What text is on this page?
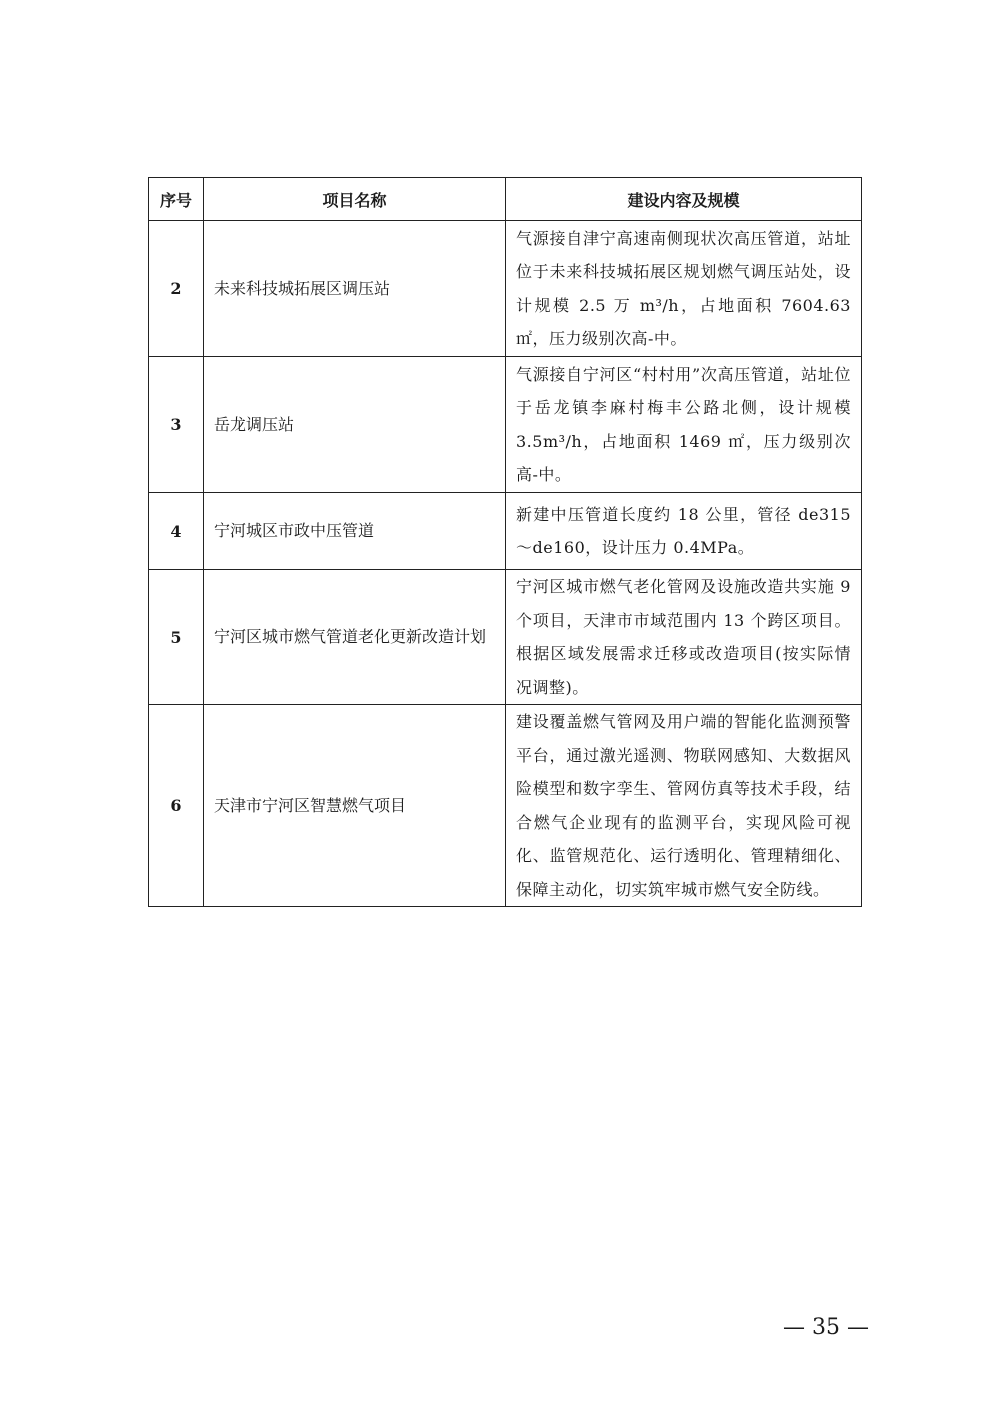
序号	项目名称	建设内容及规模
2	未来科技城拓展区调压站	气源接自津宁高速南侧现状次高压管道，站址位于未来科技城拓展区规划燃气调压站处，设计规模 2.5 万 m³/h，占地面积 7604.63 ㎡，压力级别次高-中。
3	岳龙调压站	气源接自宁河区“村村用”次高压管道，站址位于岳龙镇李麻村梅丰公路北侧，设计规模 3.5m³/h，占地面积 1469 ㎡，压力级别次高-中。
4	宁河城区市政中压管道	新建中压管道长度约 18 公里，管径 de315～de160，设计压力 0.4MPa。
5	宁河区城市燃气管道老化更新改造计划	宁河区城市燃气老化管网及设施改造共实施 9 个项目，天津市市域范围内 13 个跨区项目。根据区域发展需求迁移或改造项目(按实际情况调整)。
6	天津市宁河区智慧燃气项目	建设覆盖燃气管网及用户端的智能化监测预警平台，通过激光遥测、物联网感知、大数据风险模型和数字孪生、管网仿真等技术手段，结合燃气企业现有的监测平台，实现风险可视化、监管规范化、运行透明化、管理精细化、保障主动化，切实筑牢城市燃气安全防线。
— 35 —
